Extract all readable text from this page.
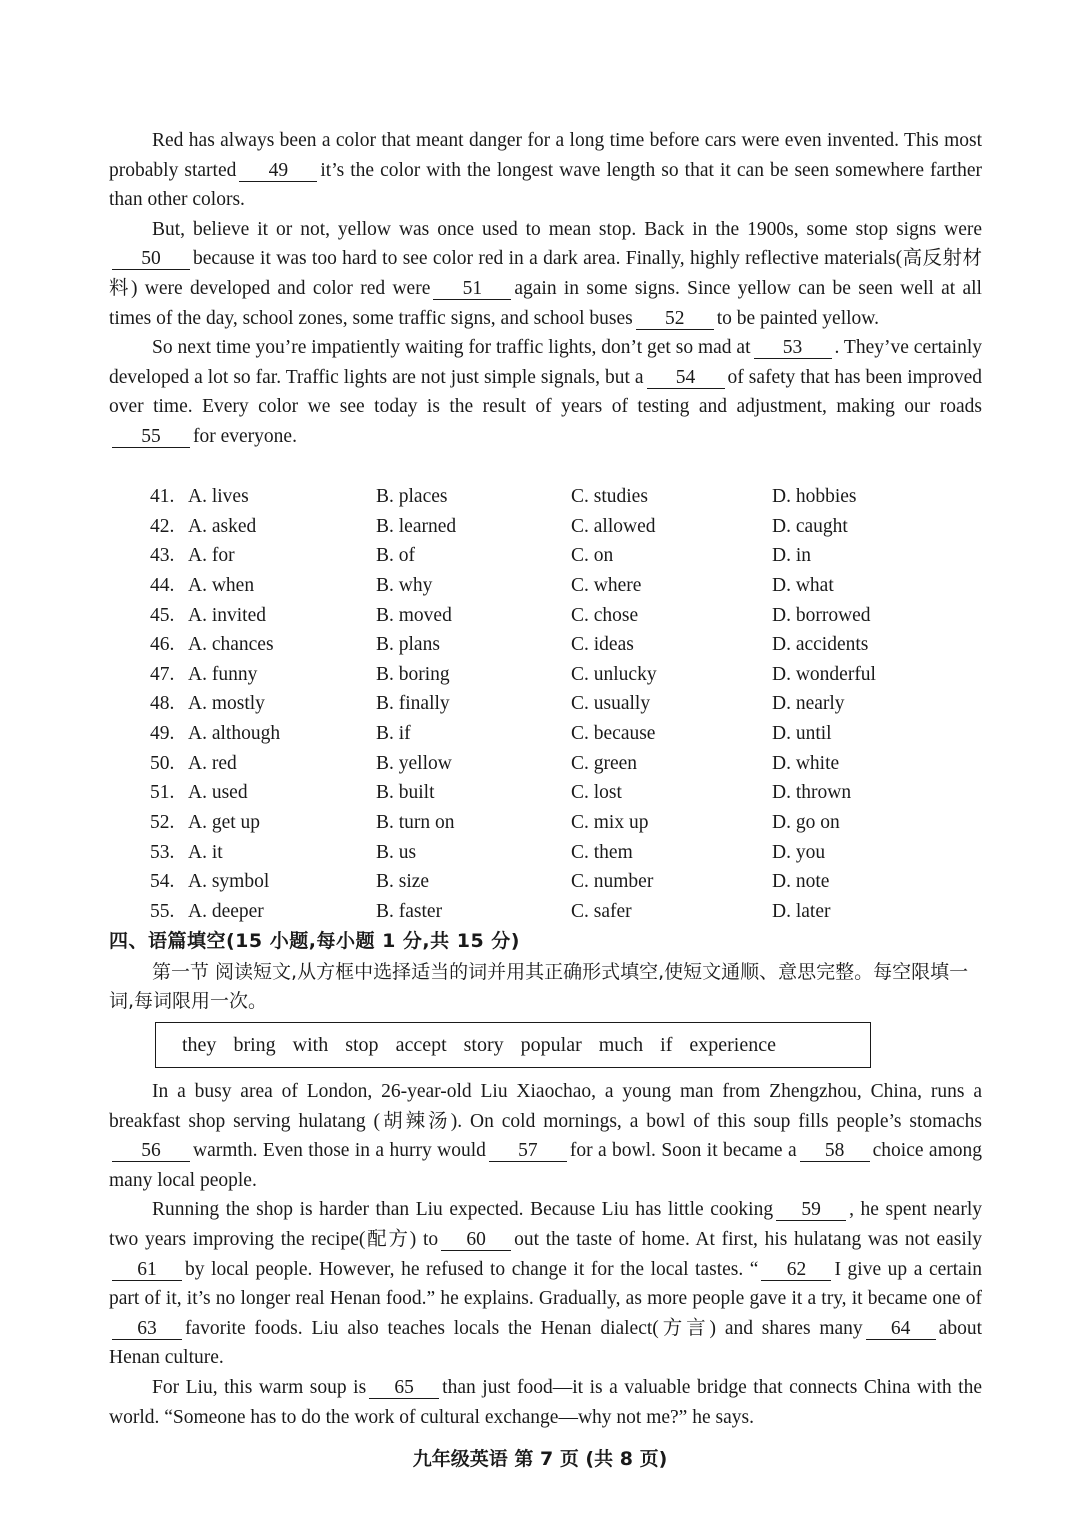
Red has always been a color that meant danger for a long time before cars were even invented. This most probably started 49 it’s the color with the longest wave length so that it can be seen somewhere farther than other colors.

But, believe it or not, yellow was once used to mean stop. Back in the 1900s, some stop signs were50 because it was too hard to see color red in a dark area. Finally, highly reflective materials(高反射材料) were developed and color red were 51 again in some signs. Since yellow can be seen well at all times of the day, school zones, some traffic signs, and school buses 52 to be painted yellow.

So next time you’re impatiently waiting for traffic lights, don’t get so mad at 53 . They’ve certainly developed a lot so far. Traffic lights are not just simple signals, but a 54 of safety that has been improved over time. Every color we see today is the result of years of testing and adjustment, making our roads55 for everyone.

41. A. lives	B. places	C. studies	D. hobbies
42. A. asked	B. learned	C. allowed	D. caught
43. A. for	B. of	C. on	D. in
44. A. when	B. why	C. where	D. what
45. A. invited	B. moved	C. chose	D. borrowed
46. A. chances	B. plans	C. ideas	D. accidents
47. A. funny	B. boring	C. unlucky	D. wonderful
48. A. mostly	B. finally	C. usually	D. nearly
49. A. although	B. if	C. because	D. until
50. A. red	B. yellow	C. green	D. white
51. A. used	B. built	C. lost	D. thrown
52. A. get up	B. turn on	C. mix up	D. go on
53. A. it	B. us	C. them	D. you
54. A. symbol	B. size	C. number	D. note
55. A. deeper	B. faster	C. safer	D. later
四、语篇填空(15 小题,每小题 1 分,共 15 分)

第一节 阅读短文,从方框中选择适当的词并用其正确形式填空,使短文通顺、意思完整。每空限填一词,每词限用一次。

they bring with stop accept story popular much if experience

In a busy area of London, 26-year-old Liu Xiaochao, a young man from Zhengzhou, China, runs a breakfast shop serving hulatang (胡辣汤). On cold mornings, a bowl of this soup fills people’s stomachs56 warmth. Even those in a hurry would 57 for a bowl. Soon it became a 58 choice among many local people.

Running the shop is harder than Liu expected. Because Liu has little cooking 59 , he spent nearly two years improving the recipe(配方) to 60 out the taste of home. At first, his hulatang was not easily61 by local people. However, he refused to change it for the local tastes. “ 62 I give up a certain part of it, it’s no longer real Henan food.” he explains. Gradually, as more people gave it a try, it became one of63 favorite foods. Liu also teaches locals the Henan dialect(方言) and shares many 64 about Henan culture.

For Liu, this warm soup is 65 than just food—it is a valuable bridge that connects China with the world. “Someone has to do the work of cultural exchange—why not me?” he says.

九年级英语 第 7 页 (共 8 页)
